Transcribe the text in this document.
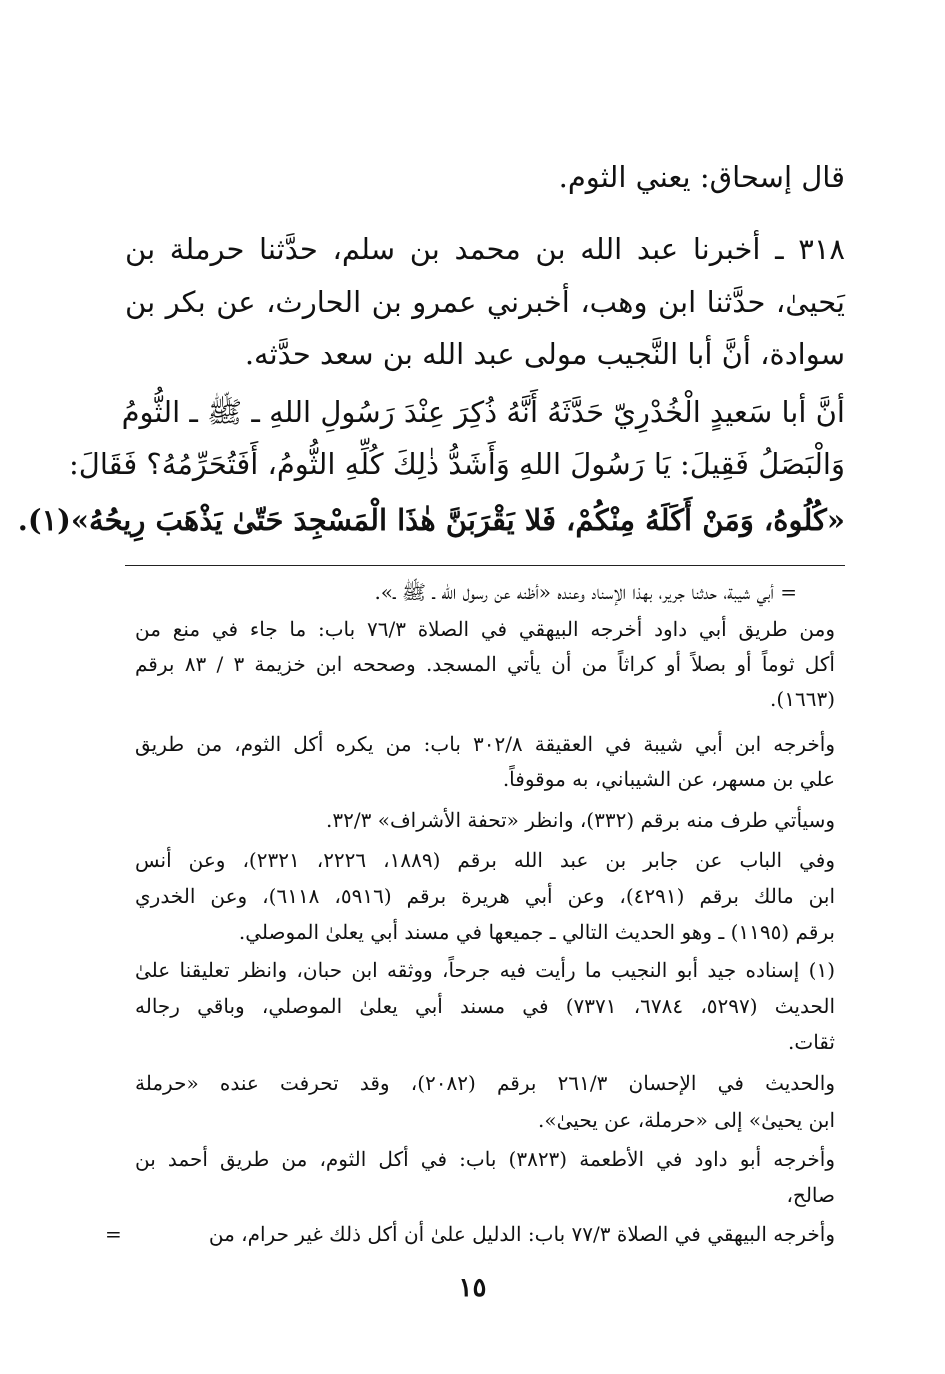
قال إسحاق: يعني الثوم.
٣١٨ ـ أخبرنا عبد الله بن محمد بن سلم، حدَّثنا حرملة بن
يَحيىٰ، حدَّثنا ابن وهب، أخبرني عمرو بن الحارث، عن بكر بن
سوادة، أنَّ أبا النَّجيب مولى عبد الله بن سعد حدَّثه.
أنَّ أبا سَعيدٍ الْخُدْرِيّ حَدَّثَهُ أَنَّهُ ذُكِرَ عِنْدَ رَسُولِ اللهِ ـ ﷺ ـ الثُّومُ
وَالْبَصَلُ فَقِيلَ: يَا رَسُولَ اللهِ وَأَشَدُّ ذٰلِكَ كُلِّهِ الثُّومُ، أَفَتُحَرِّمُهُ؟ فَقَالَ:
«كُلُوهُ، وَمَنْ أَكَلَهُ مِنْكُمْ، فَلا يَقْرَبَنَّ هٰذَا الْمَسْجِدَ حَتّىٰ يَذْهَبَ رِيحُهُ»(١).
= أبي شيبة، حدثنا جرير، بهذا الإسناد وعنده «أظنه عن رسول الله ـ ﷺ ـ».
ومن طريق أبي داود أخرجه البيهقي في الصلاة ٧٦/٣ باب: ما جاء في منع من
أكل ثوماً أو بصلاً أو كراثاً من أن يأتي المسجد. وصححه ابن خزيمة ٣ / ٨٣ برقم
(١٦٦٣).
وأخرجه ابن أبي شيبة في العقيقة ٣٠٢/٨ باب: من يكره أكل الثوم، من طريق
علي بن مسهر، عن الشيباني، به موقوفاً.
وسيأتي طرف منه برقم (٣٣٢)، وانظر «تحفة الأشراف» ٣٢/٣.
وفي الباب عن جابر بن عبد الله برقم (١٨٨٩، ٢٢٢٦، ٢٣٢١)، وعن أنس
ابن مالك برقم (٤٢٩١)، وعن أبي هريرة برقم (٥٩١٦، ٦١١٨)، وعن الخدري
برقم (١١٩٥) ـ وهو الحديث التالي ـ جميعها في مسند أبي يعلىٰ الموصلي.
(١) إسناده جيد أبو النجيب ما رأيت فيه جرحاً، ووثقه ابن حبان، وانظر تعليقنا علىٰ
الحديث (٥٢٩٧، ٦٧٨٤، ٧٣٧١) في مسند أبي يعلىٰ الموصلي، وباقي رجاله
ثقات.
والحديث في الإحسان ٢٦١/٣ برقم (٢٠٨٢)، وقد تحرفت عنده «حرملة
ابن يحيىٰ» إلى «حرملة، عن يحيىٰ».
وأخرجه أبو داود في الأطعمة (٣٨٢٣) باب: في أكل الثوم، من طريق أحمد بن
صالح،
وأخرجه البيهقي في الصلاة ٧٧/٣ باب: الدليل علىٰ أن أكل ذلك غير حرام، من
=
١٥
